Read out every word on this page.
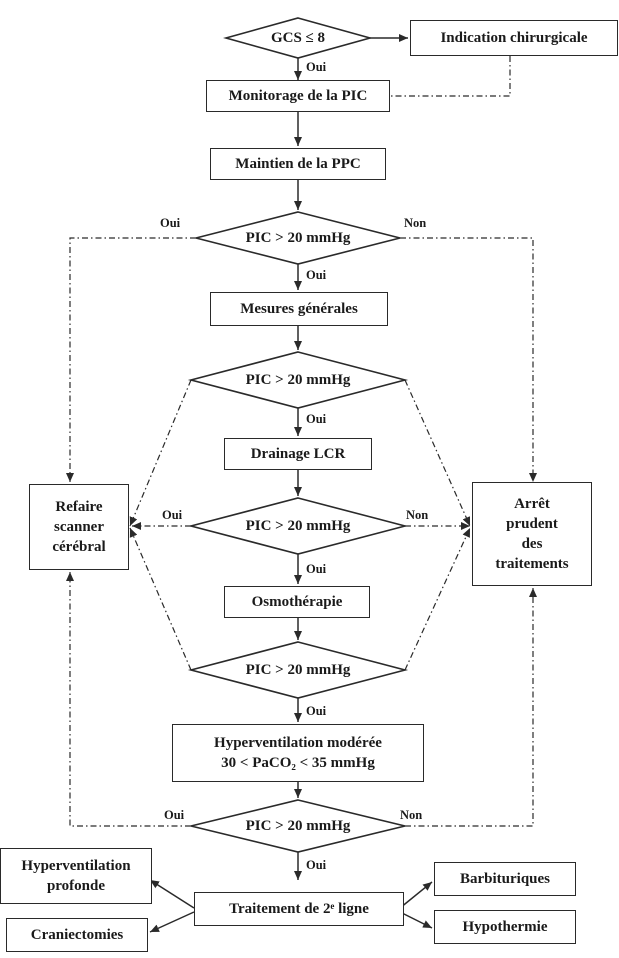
GCS ≤ 8
PIC > 20 mmHg
PIC > 20 mmHg
PIC > 20 mmHg
PIC > 20 mmHg
PIC > 20 mmHg
Indication chirurgicale
Monitorage de la PIC
Maintien de la PPC
Mesures générales
Drainage LCR
Osmothérapie
Hyperventilation modérée
30 < PaCO₂ < 35 mmHg
Traitement de 2ᵉ ligne
Hyperventilation
profonde
Craniectomies
Barbituriques
Hypothermie
Refaire
scanner
cérébral
Arrêt
prudent
des
traitements
Oui
Oui	Non
Oui
Oui
Oui	Non
Oui
Oui
Oui	Non
Oui
